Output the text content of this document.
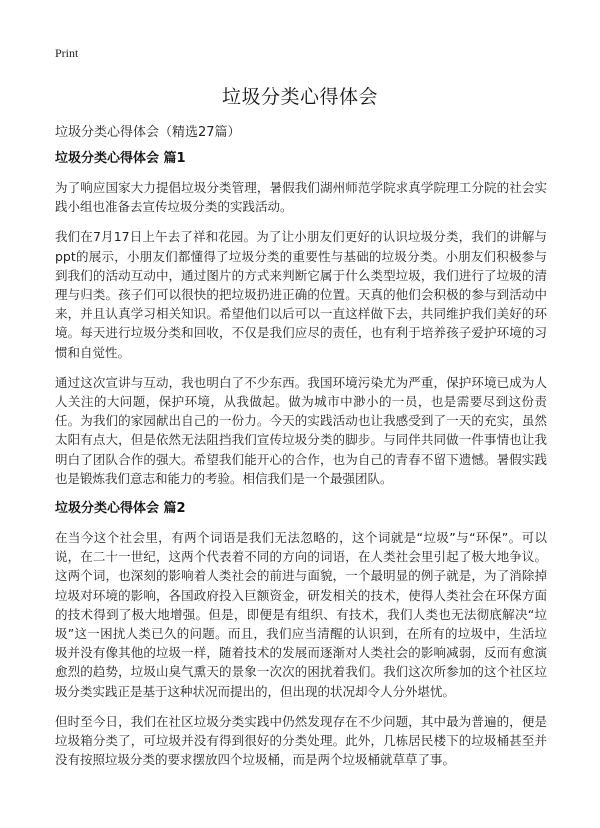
Print
垃圾分类心得体会
垃圾分类心得体会（精选27篇）
垃圾分类心得体会 篇1

为了响应国家大力提倡垃圾分类管理，暑假我们湖州师范学院求真学院理工分院的社会实践小组也准备去宣传垃圾分类的实践活动。

我们在7月17日上午去了祥和花园。为了让小朋友们更好的认识垃圾分类，我们的讲解与ppt的展示，小朋友们都懂得了垃圾分类的重要性与基础的垃圾分类。小朋友们积极参与到我们的活动互动中，通过图片的方式来判断它属于什么类型垃圾，我们进行了垃圾的清理与归类。孩子们可以很快的把垃圾扔进正确的位置。天真的他们会积极的参与到活动中来，并且认真学习相关知识。希望他们以后可以一直这样做下去，共同维护我们美好的环境。每天进行垃圾分类和回收，不仅是我们应尽的责任，也有利于培养孩子爱护环境的习惯和自觉性。

通过这次宣讲与互动，我也明白了不少东西。我国环境污染尤为严重，保护环境已成为人人关注的大问题，保护环境，从我做起。做为城市中渺小的一员，也是需要尽到这份责任。为我们的家园献出自己的一份力。今天的实践活动也让我感受到了一天的充实，虽然太阳有点大，但是依然无法阻挡我们宣传垃圾分类的脚步。与同伴共同做一件事情也让我明白了团队合作的强大。希望我们能开心的合作，也为自己的青春不留下遗憾。暑假实践也是锻炼我们意志和能力的考验。相信我们是一个最强团队。

垃圾分类心得体会 篇2

在当今这个社会里，有两个词语是我们无法忽略的，这个词就是“垃圾”与“环保”。可以说，在二十一世纪，这两个代表着不同的方向的词语，在人类社会里引起了极大地争议。这两个词，也深刻的影响着人类社会的前进与面貌，一个最明显的例子就是，为了消除掉垃圾对环境的影响，各国政府投入巨额资金，研发相关的技术，使得人类社会在环保方面的技术得到了极大地增强。但是，即便是有组织、有技术，我们人类也无法彻底解决“垃圾”这一困扰人类已久的问题。而且，我们应当清醒的认识到，在所有的垃圾中，生活垃圾并没有像其他的垃圾一样，随着技术的发展而逐渐对人类社会的影响减弱，反而有愈演愈烈的趋势，垃圾山臭气熏天的景象一次次的困扰着我们。我们这次所参加的这个社区垃圾分类实践正是基于这种状况而提出的，但出现的状况却令人分外堪忧。

但时至今日，我们在社区垃圾分类实践中仍然发现存在不少问题，其中最为普遍的，便是垃圾箱分类了，可垃圾并没有得到很好的分类处理。此外，几栋居民楼下的垃圾桶甚至并没有按照垃圾分类的要求摆放四个垃圾桶，而是两个垃圾桶就草草了事。
